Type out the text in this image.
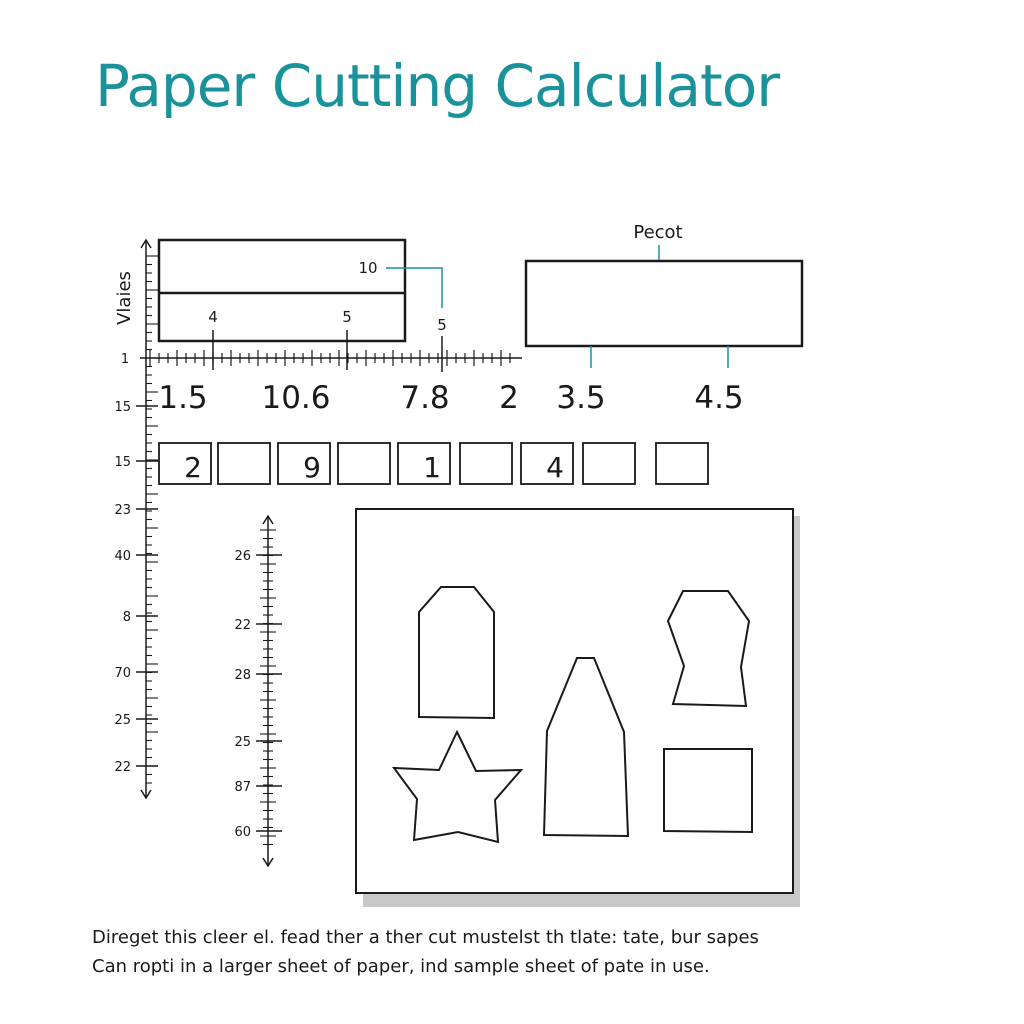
Paper Cutting Calculator
Vlaies
10
4	5	5
Pecot
1
1.5 10.6 7.8 2 3.5	4.5
15
15
23
40
8
70
25
22
2	9	1	4
26
22
28
25
87
60

Direget this cleer el. fead ther a ther cut mustelst th tlate: tate, bur sapes

Can ropti in a larger sheet of paper, ind sample sheet of pate in use.
